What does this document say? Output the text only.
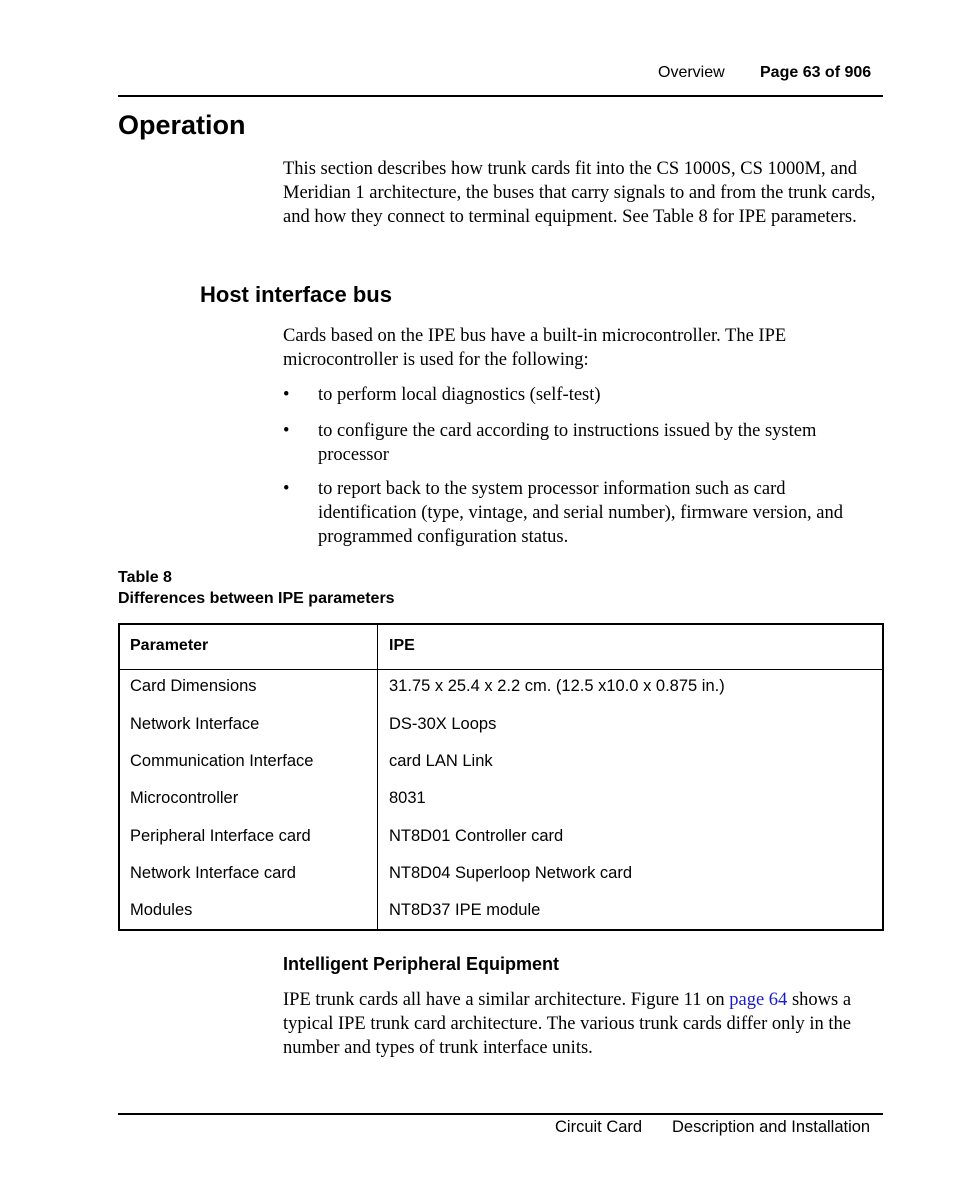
Overview Page 63 of 906
Operation
This section describes how trunk cards fit into the CS 1000S, CS 1000M, and Meridian 1 architecture, the buses that carry signals to and from the trunk cards, and how they connect to terminal equipment. See Table 8 for IPE parameters.
Host interface bus
Cards based on the IPE bus have a built-in microcontroller. The IPE microcontroller is used for the following:
• to perform local diagnostics (self-test)
• to configure the card according to instructions issued by the system processor
• to report back to the system processor information such as card identification (type, vintage, and serial number), firmware version, and programmed configuration status.
Table 8
Differences between IPE parameters
Parameter	IPE
Card Dimensions	31.75 x 25.4 x 2.2 cm. (12.5 x10.0 x 0.875 in.)
Network Interface	DS-30X Loops
Communication Interface	card LAN Link
Microcontroller	8031
Peripheral Interface card	NT8D01 Controller card
Network Interface card	NT8D04 Superloop Network card
Modules	NT8D37 IPE module
Intelligent Peripheral Equipment
IPE trunk cards all have a similar architecture. Figure 11 on page 64 shows a typical IPE trunk card architecture. The various trunk cards differ only in the number and types of trunk interface units.
Circuit Card Description and Installation
